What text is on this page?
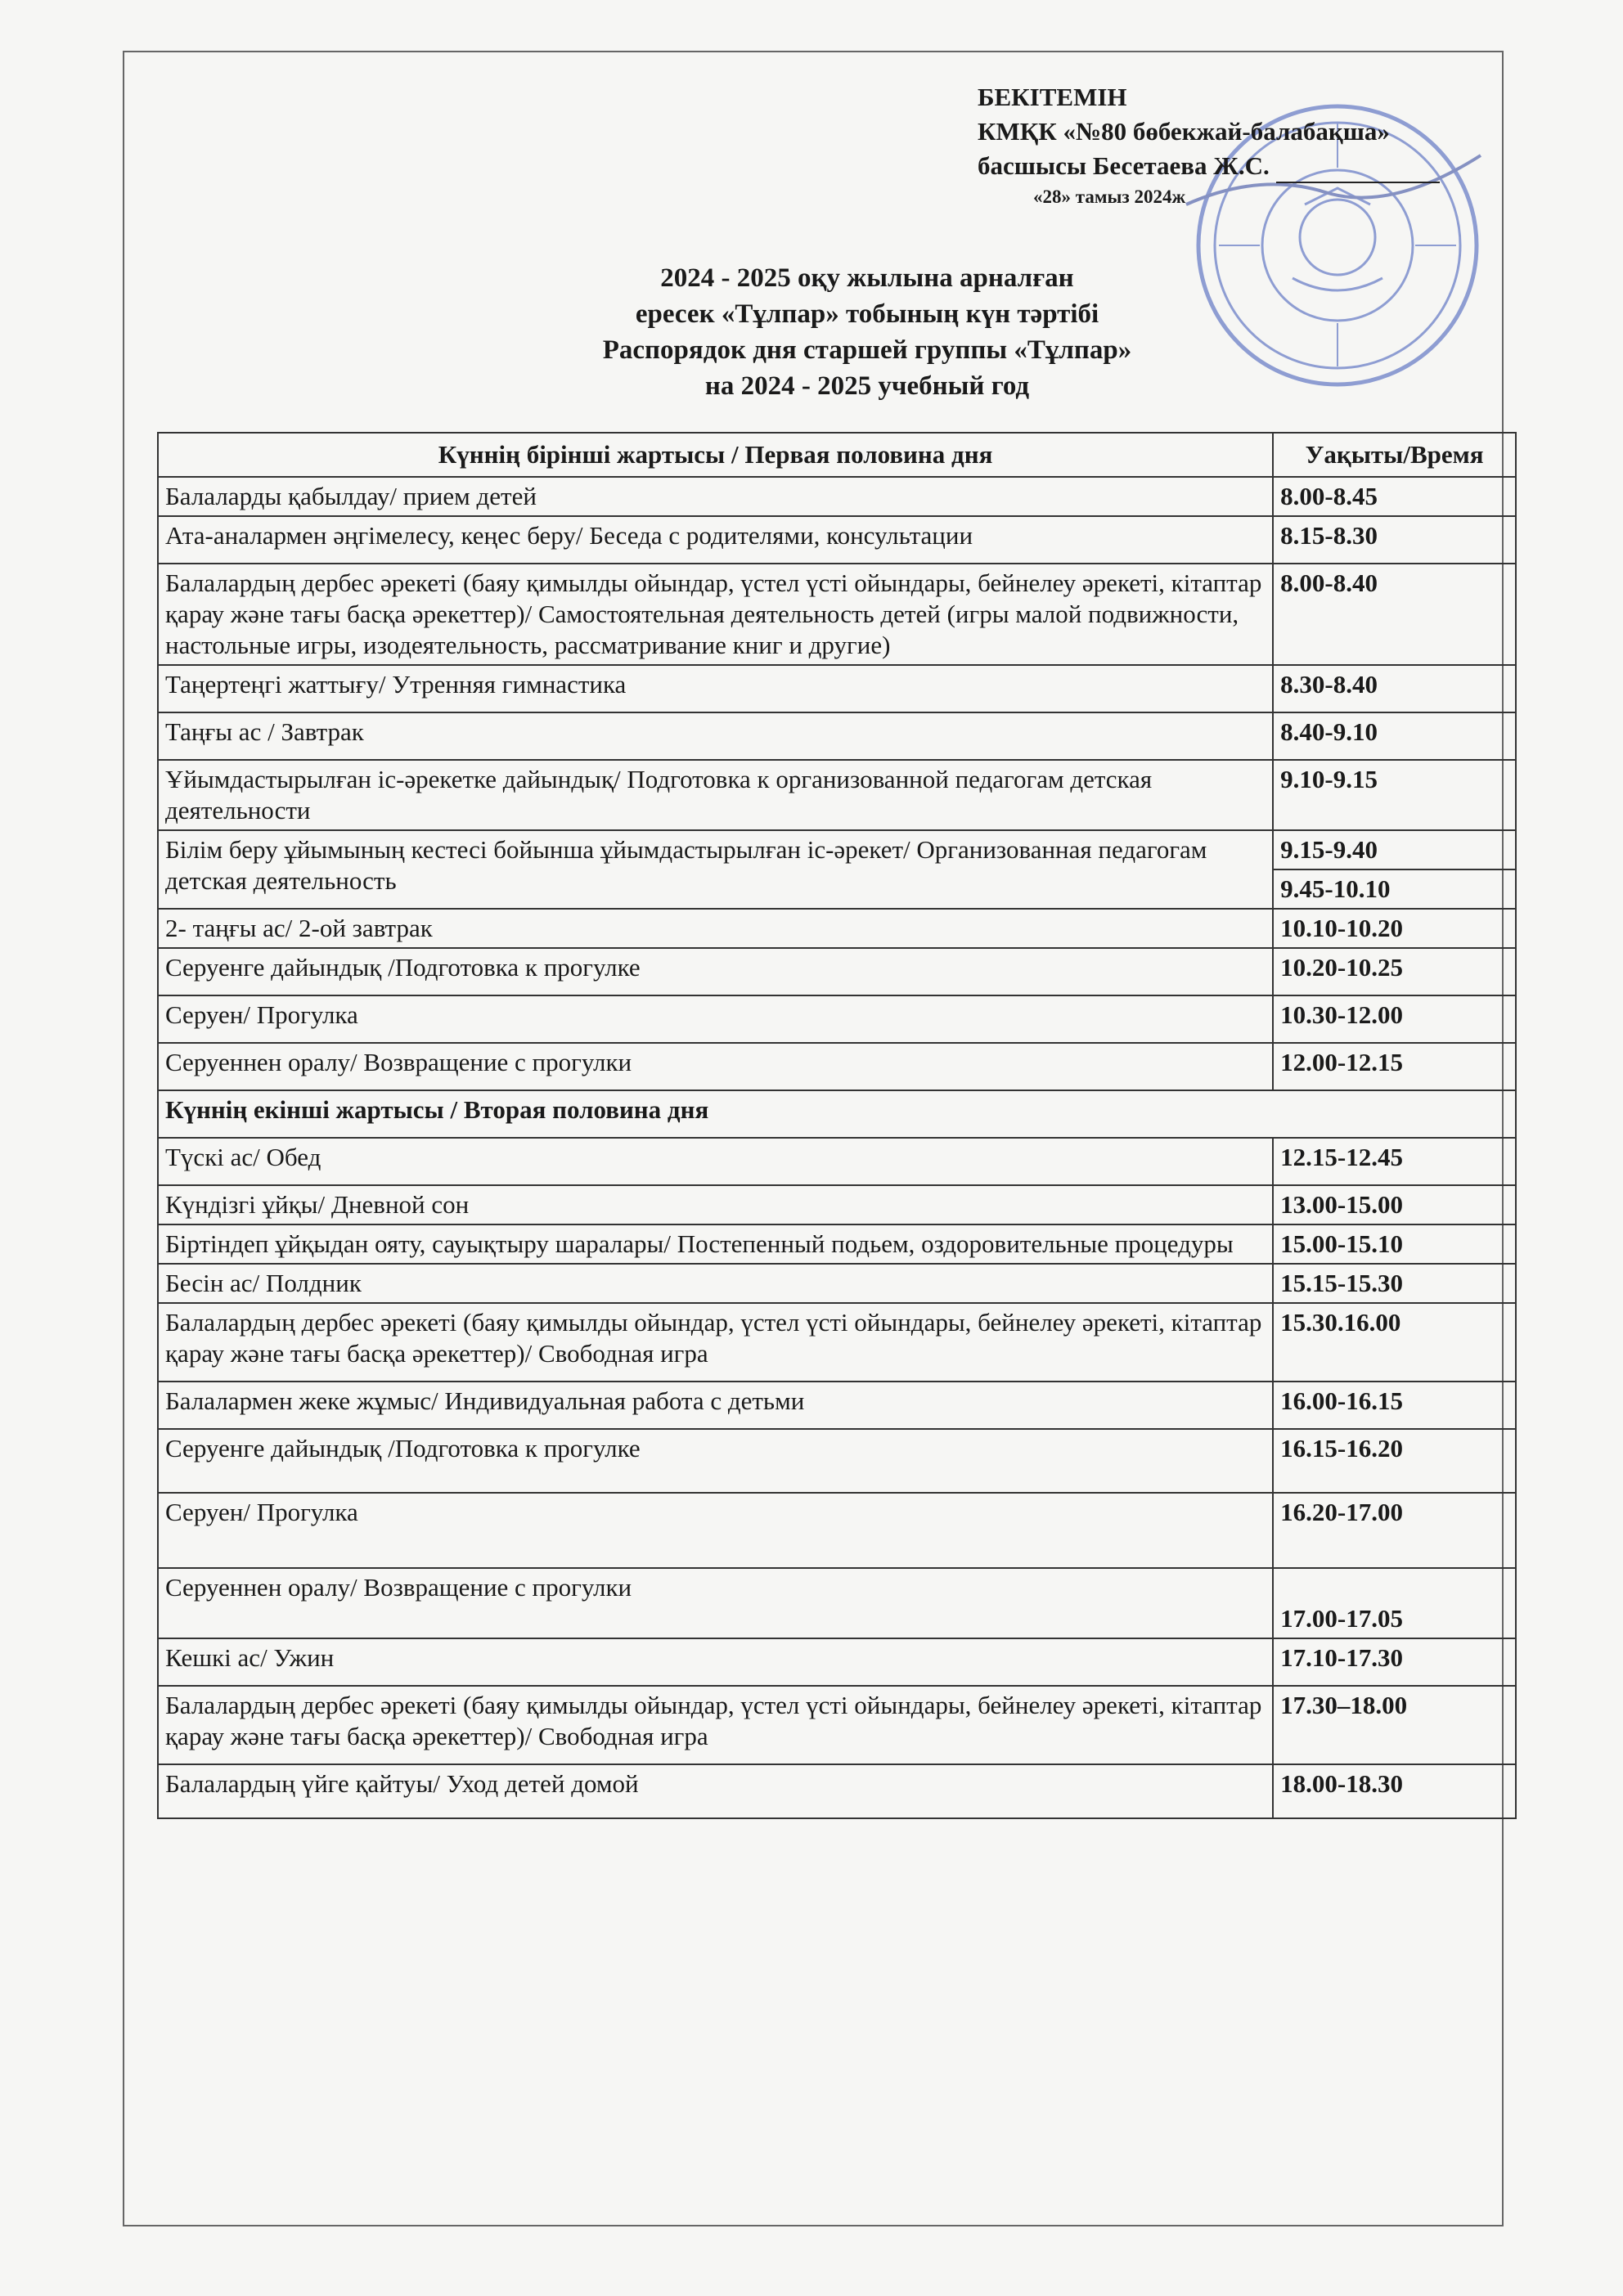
БЕКІТЕМІН
КМҚК «№80 бөбекжай-балабақша»
басшысы Бесетаева Ж.С.
«28» тамыз 2024ж
2024 - 2025 оқу жылына арналған
ересек «Тұлпар» тобының күн тәртібі
Распорядок дня старшей группы «Тұлпар»
на 2024 - 2025 учебный год
Күннің бірінші жартысы / Первая половина дня	Уақыты/Время
Балаларды қабылдау/ прием детей	8.00-8.45
Ата-аналармен әңгімелесу, кеңес беру/ Беседа с родителями, консультации	8.15-8.30
Балалардың дербес әрекеті (баяу қимылды ойындар, үстел үсті ойындары, бейнелеу әрекеті, кітаптар қарау және тағы басқа әрекеттер)/ Самостоятельная деятельность детей (игры малой подвижности, настольные игры, изодеятельность, рассматривание книг и другие)	8.00-8.40
Таңертеңгі жаттығу/ Утренняя гимнастика	8.30-8.40
Таңғы ас / Завтрак	8.40-9.10
Ұйымдастырылған іс-әрекетке дайындық/ Подготовка к организованной педагогам детская деятельности	9.10-9.15
Білім беру ұйымының кестесі бойынша ұйымдастырылған іс-әрекет/ Организованная педагогам детская деятельность	9.15-9.40
9.45-10.10

2- таңғы ас/ 2-ой завтрак	10.10-10.20
Серуенге дайындық /Подготовка к прогулке	10.20-10.25
Серуен/ Прогулка	10.30-12.00
Серуеннен оралу/ Возвращение с прогулки	12.00-12.15
Күннің екінші жартысы / Вторая половина дня	
Түскі ас/ Обед	12.15-12.45
Күндізгі ұйқы/ Дневной сон	13.00-15.00
Біртіндеп ұйқыдан ояту, сауықтыру шаралары/ Постепенный подьем, оздоровительные процедуры	15.00-15.10
Бесін ас/ Полдник	15.15-15.30
Балалардың дербес әрекеті (баяу қимылды ойындар, үстел үсті ойындары, бейнелеу әрекеті, кітаптар қарау және тағы басқа әрекеттер)/ Свободная игра	15.30.16.00
Балалармен жеке жұмыс/ Индивидуальная работа с детьми	16.00-16.15
Серуенге дайындық /Подготовка к прогулке	16.15-16.20
Серуен/ Прогулка	16.20-17.00
Серуеннен оралу/ Возвращение с прогулки	17.00-17.05
Кешкі ас/ Ужин	17.10-17.30
Балалардың дербес әрекеті (баяу қимылды ойындар, үстел үсті ойындары, бейнелеу әрекеті, кітаптар қарау және тағы басқа әрекеттер)/ Свободная игра	17.30–18.00
Балалардың үйге қайтуы/ Уход детей домой	18.00-18.30
